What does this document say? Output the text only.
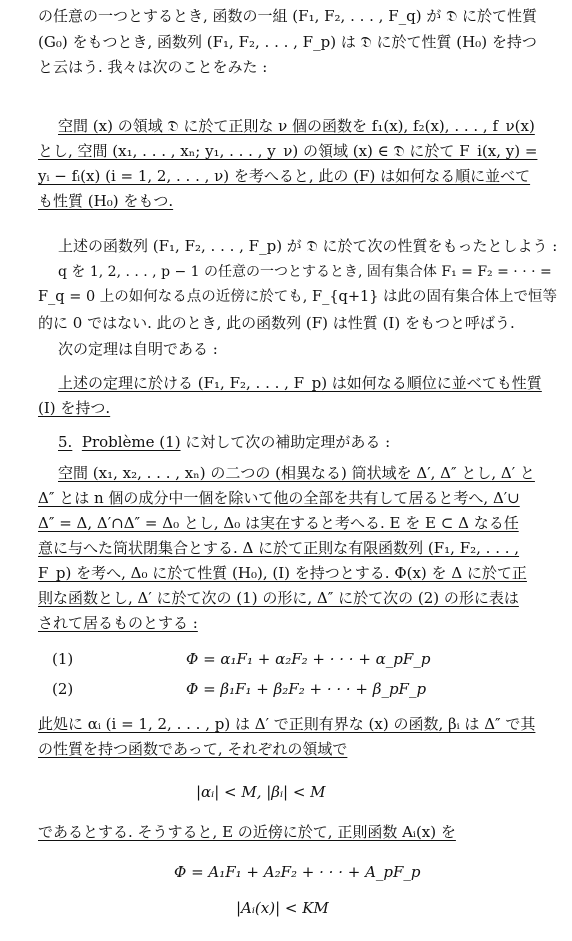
の任意の一つとするとき, 函数の一組 (F₁, F₂, . . . , F_q) が 𝔇 に於て性質
(G₀) をもつとき, 函数列 (F₁, F₂, . . . , F_p) は 𝔇 に於て性質 (H₀) を持つ
と云はう. 我々は次のことをみた :
空間 (x) の領域 𝔇 に於て正則な ν 個の函数を f₁(x), f₂(x), . . . , f_ν(x)
とし, 空間 (x₁, . . . , xₙ; y₁, . . . , y_ν) の領域 (x) ∈ 𝔇 に於て F_i(x, y) =
yᵢ − fᵢ(x) (i = 1, 2, . . . , ν) を考へると, 此の (F) は如何なる順に並べて
も性質 (H₀) をもつ.
上述の函数列 (F₁, F₂, . . . , F_p) が 𝔇 に於て次の性質をもったとしよう :
q を 1, 2, . . . , p − 1 の任意の一つとするとき, 固有集合体 F₁ = F₂ = · · · =
F_q = 0 上の如何なる点の近傍に於ても, F_{q+1} は此の固有集合体上で恒等
的に 0 ではない. 此のとき, 此の函数列 (F) は性質 (I) をもつと呼ばう.
次の定理は自明である :
上述の定理に於ける (F₁, F₂, . . . , F_p) は如何なる順位に並べても性質
(I) を持つ.
5. Problème (1) に対して次の補助定理がある :
空間 (x₁, x₂, . . . , xₙ) の二つの (相異なる) 筒状域を Δ′, Δ″ とし, Δ′ と
Δ″ とは n 個の成分中一個を除いて他の全部を共有して居ると考へ, Δ′∪
Δ″ = Δ, Δ′∩Δ″ = Δ₀ とし, Δ₀ は実在すると考へる. E を E ⊂ Δ なる任
意に与へた筒状閉集合とする. Δ に於て正則な有限函数列 (F₁, F₂, . . . ,
F_p) を考へ, Δ₀ に於て性質 (H₀), (I) を持つとする. Φ(x) を Δ に於て正
則な函数とし, Δ′ に於て次の (1) の形に, Δ″ に於て次の (2) の形に表は
されて居るものとする :
(1)	Φ = α₁F₁ + α₂F₂ + · · · + α_pF_p
(2)	Φ = β₁F₁ + β₂F₂ + · · · + β_pF_p
此処に αᵢ (i = 1, 2, . . . , p) は Δ′ で正則有界な (x) の函数, βᵢ は Δ″ で其
の性質を持つ函数であって, それぞれの領域で
|αᵢ| < M, |βᵢ| < M
であるとする. そうすると, E の近傍に於て, 正則函数 Aᵢ(x) を
Φ = A₁F₁ + A₂F₂ + · · · + A_pF_p
|Aᵢ(x)| < KM
